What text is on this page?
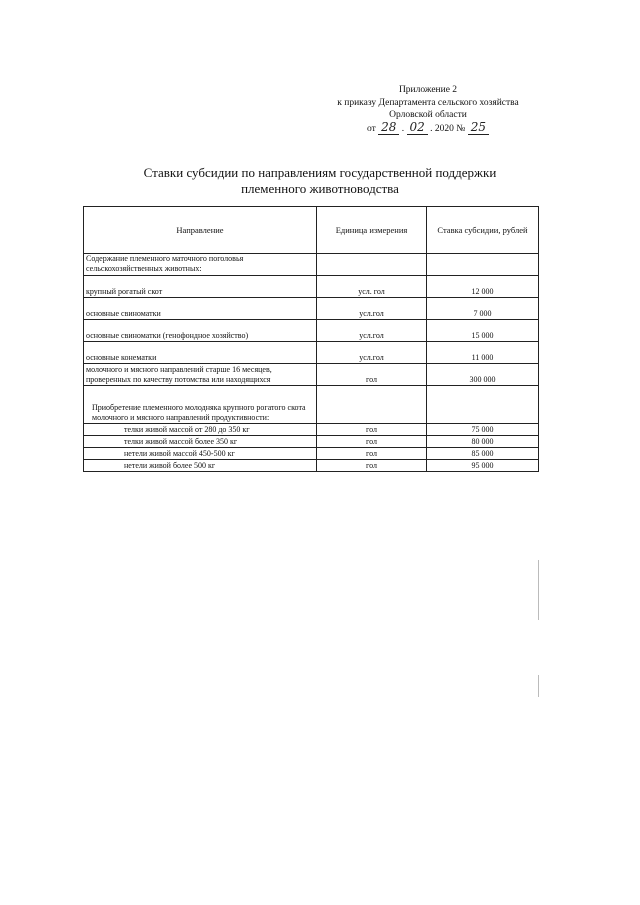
Приложение 2
к приказу Департамента сельского хозяйства
Орловской области
от 28 . 02 . 2020 № 25
Ставки субсидии по направлениям государственной поддержки
племенного животноводства
Направление	Единица измерения	Ставка субсидии, рублей
Содержание племенного маточного поголовья сельскохозяйственных животных:		
крупный рогатый скот	усл. гол	12 000
основные свиноматки	усл.гол	7 000
основные свиноматки (генофондное хозяйство)	усл.гол	15 000
основные конематки	усл.гол	11 000
молочного и мясного направлений старше 16 месяцев, проверенных по качеству потомства или находящихся	гол	300 000
Приобретение племенного молодняка крупного рогатого скота молочного и мясного направлений продуктивности:		
телки живой массой от 280 до 350 кг	гол	75 000
телки живой массой более 350 кг	гол	80 000
нетели живой массой 450-500 кг	гол	85 000
нетели живой более 500 кг	гол	95 000
